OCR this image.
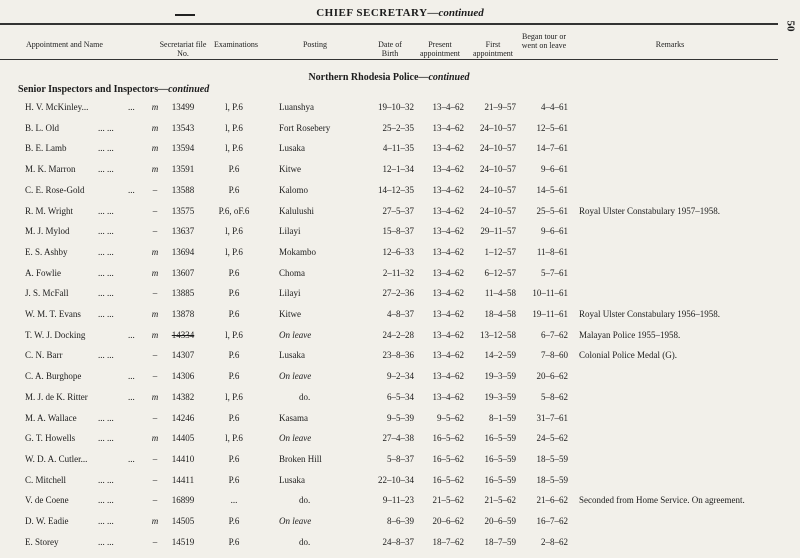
CHIEF SECRETARY—continued
50
Appointment and Name	Secretariat file No.
Examinations	Posting	Date of Birth
Present appointment
First appointment
Began tour or went on leave	Remarks
Northern Rhodesia Police—continued
Senior Inspectors and Inspectors—continued
H. V. McKinley...	m	13499	l, P.6	Luanshya	19–10–32	13–4–62	21–9–57	4–4–61
...
B. L. Old	m	13543	l, P.6	Fort Rosebery	25–2–35	13–4–62	24–10–57	12–5–61
... ...
B. E. Lamb	m	13594	l, P.6	Lusaka	4–11–35	13–4–62	24–10–57	14–7–61
... ...
M. K. Marron	m	13591	P.6	Kitwe	12–1–34	13–4–62	24–10–57	9–6–61
... ...
C. E. Rose-Gold	–	13588	P.6	Kalomo	14–12–35	13–4–62	24–10–57	14–5–61
...
R. M. Wright	–	13575	P.6, oF.6	Kalulushi	27–5–37	13–4–62	24–10–57	25–5–61 Royal Ulster Constabulary 1957–1958.
... ...
M. J. Mylod	–	13637	l, P.6	Lilayi	15–8–37	13–4–62	29–11–57	9–6–61
... ...
E. S. Ashby	m	13694	l, P.6	Mokambo	12–6–33	13–4–62	1–12–57	11–8–61
... ...
A. Fowlie	m	13607	P.6	Choma	2–11–32	13–4–62	6–12–57	5–7–61
... ...
J. S. McFall	–	13885	P.6	Lilayi	27–2–36	13–4–62	11–4–58	10–11–61
... ...
W. M. T. Evans	m	13878	P.6	Kitwe	4–8–37	13–4–62	18–4–58	19–11–61 Royal Ulster Constabulary 1956–1958.
... ...
T. W. J. Docking	m	14334	l, P.6	On leave	24–2–28	13–4–62	13–12–58	6–7–62 Malayan Police 1955–1958.
...
C. N. Barr	–	14307	P.6	Lusaka	23–8–36	13–4–62	14–2–59	7–8–60 Colonial Police Medal (G).
... ...
C. A. Burghope	–	14306	P.6	On leave	9–2–34	13–4–62	19–3–59	20–6–62
...
M. J. de K. Ritter	m	14382	l, P.6	do.	6–5–34	13–4–62	19–3–59	5–8–62
...
M. A. Wallace	–	14246	P.6	Kasama	9–5–39	9–5–62	8–1–59	31–7–61
... ...
G. T. Howells	m	14405	l, P.6	On leave	27–4–38	16–5–62	16–5–59	24–5–62
... ...
W. D. A. Cutler...	–	14410	P.6	Broken Hill	5–8–37	16–5–62	16–5–59	18–5–59
...
C. Mitchell	–	14411	P.6	Lusaka	22–10–34	16–5–62	16–5–59	18–5–59
... ...
V. de Coene	–	16899	...	do.	9–11–23	21–5–62	21–5–62	21–6–62 Seconded from Home Service. On agreement.
... ...
D. W. Eadie	m	14505	P.6	On leave	8–6–39	20–6–62	20–6–59	16–7–62
... ...
E. Storey	–	14519	P.6	do.	24–8–37	18–7–62	18–7–59	2–8–62
... ...
